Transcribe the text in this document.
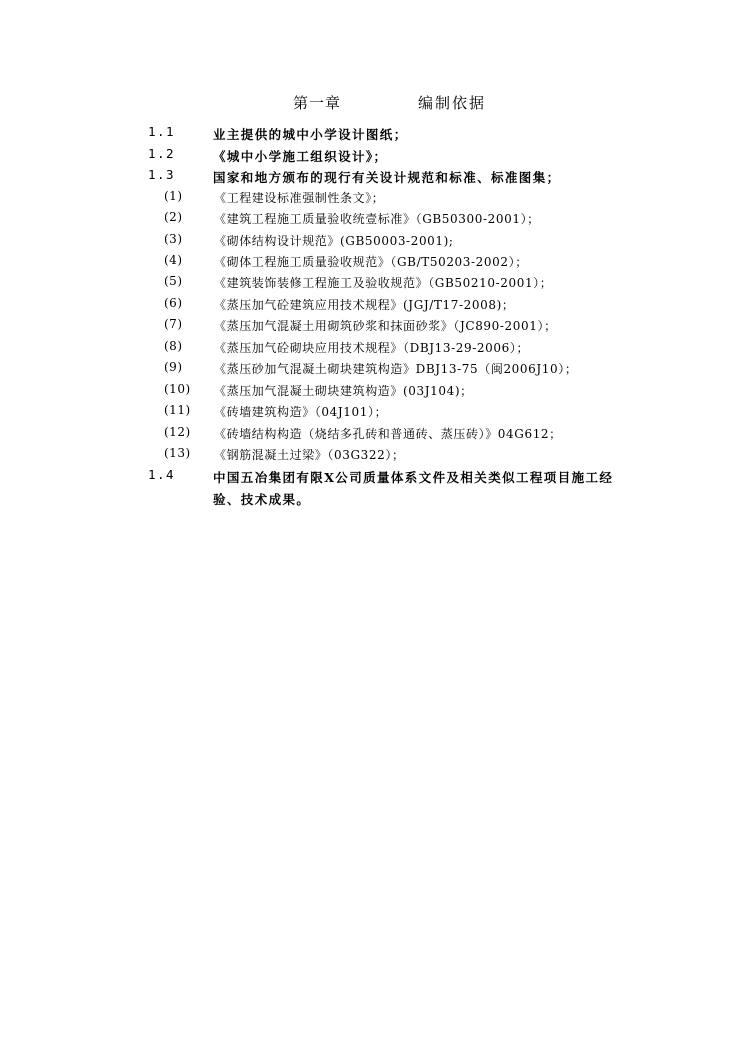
第一章	编制依据
1.1	业主提供的城中小学设计图纸；
1.2	《城中小学施工组织设计》；
1.3	国家和地方颁布的现行有关设计规范和标准、标准图集；
(1)	《工程建设标准强制性条文》；
(2)	《建筑工程施工质量验收统壹标准》（GB50300-2001）；
(3)	《砌体结构设计规范》(GB50003-2001);
(4)	《砌体工程施工质量验收规范》（GB/T50203-2002）；
(5)	《建筑装饰装修工程施工及验收规范》（GB50210-2001）；
(6)	《蒸压加气砼建筑应用技术规程》(JGJ/T17-2008)；
(7)	《蒸压加气混凝土用砌筑砂浆和抹面砂浆》（JC890-2001）；
(8)	《蒸压加气砼砌块应用技术规程》（DBJ13-29-2006）；
(9)	《蒸压砂加气混凝土砌块建筑构造》DBJ13-75（闽2006J10）；
(10) 《蒸压加气混凝土砌块建筑构造》(03J104)；
(11) 《砖墙建筑构造》（04J101）；
(12) 《砖墙结构构造（烧结多孔砖和普通砖、蒸压砖）》04G612；
(13) 《钢筋混凝土过梁》（03G322）；
1.4	中国五冶集团有限X公司质量体系文件及相关类似工程项目施工经验、技术成果。
